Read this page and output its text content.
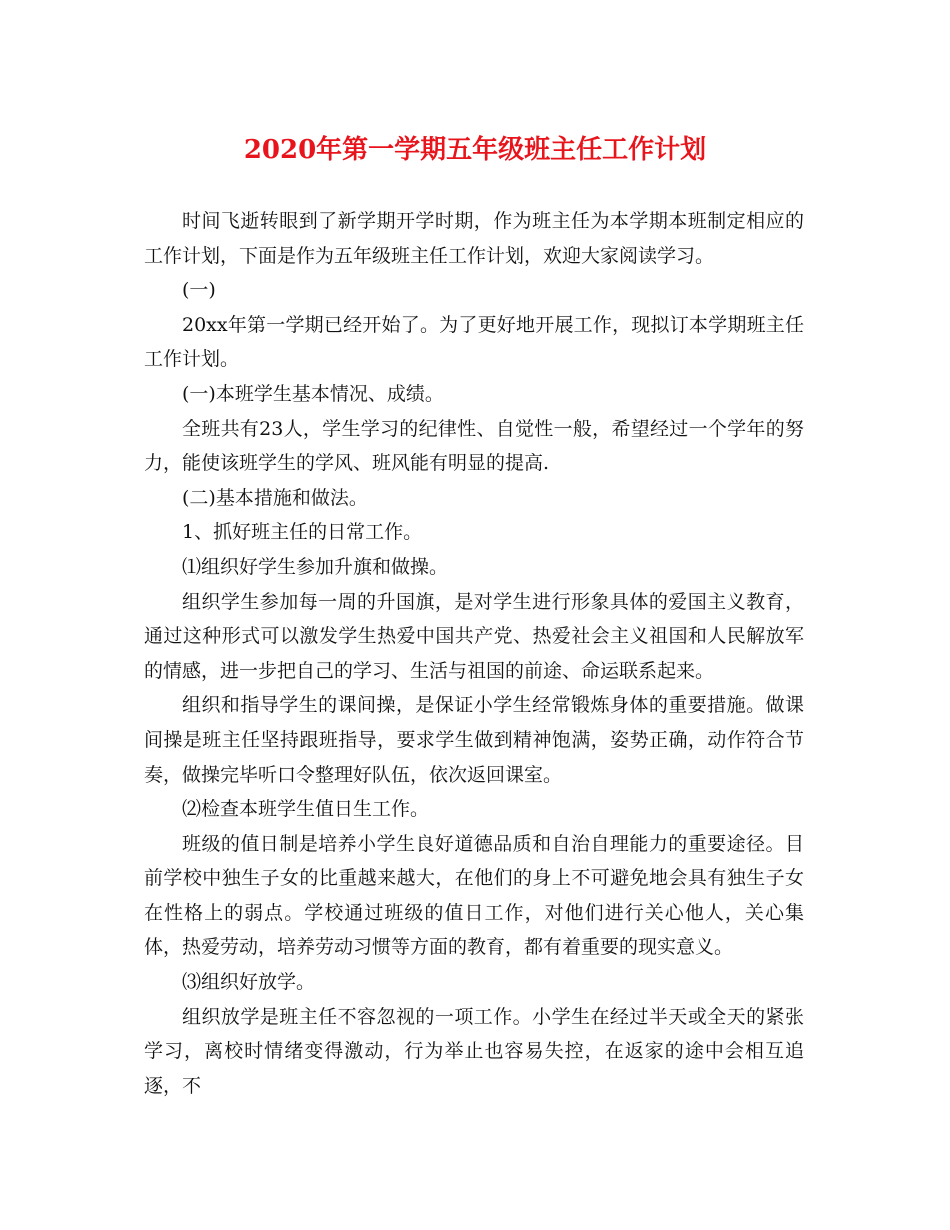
2020年第一学期五年级班主任工作计划

时间飞逝转眼到了新学期开学时期，作为班主任为本学期本班制定相应的工作计划，下面是作为五年级班主任工作计划，欢迎大家阅读学习。

(一)

20xx年第一学期已经开始了。为了更好地开展工作，现拟订本学期班主任工作计划。

(一)本班学生基本情况、成绩。

全班共有23人，学生学习的纪律性、自觉性一般，希望经过一个学年的努力，能使该班学生的学风、班风能有明显的提高.

(二)基本措施和做法。

1、抓好班主任的日常工作。

⑴组织好学生参加升旗和做操。

组织学生参加每一周的升国旗，是对学生进行形象具体的爱国主义教育，通过这种形式可以激发学生热爱中国共产党、热爱社会主义祖国和人民解放军的情感，进一步把自己的学习、生活与祖国的前途、命运联系起来。

组织和指导学生的课间操，是保证小学生经常锻炼身体的重要措施。做课间操是班主任坚持跟班指导，要求学生做到精神饱满，姿势正确，动作符合节奏，做操完毕听口令整理好队伍，依次返回课室。

⑵检查本班学生值日生工作。

班级的值日制是培养小学生良好道德品质和自治自理能力的重要途径。目前学校中独生子女的比重越来越大，在他们的身上不可避免地会具有独生子女在性格上的弱点。学校通过班级的值日工作，对他们进行关心他人，关心集体，热爱劳动，培养劳动习惯等方面的教育，都有着重要的现实意义。

⑶组织好放学。

组织放学是班主任不容忽视的一项工作。小学生在经过半天或全天的紧张学习，离校时情绪变得激动，行为举止也容易失控，在返家的途中会相互追逐，不
